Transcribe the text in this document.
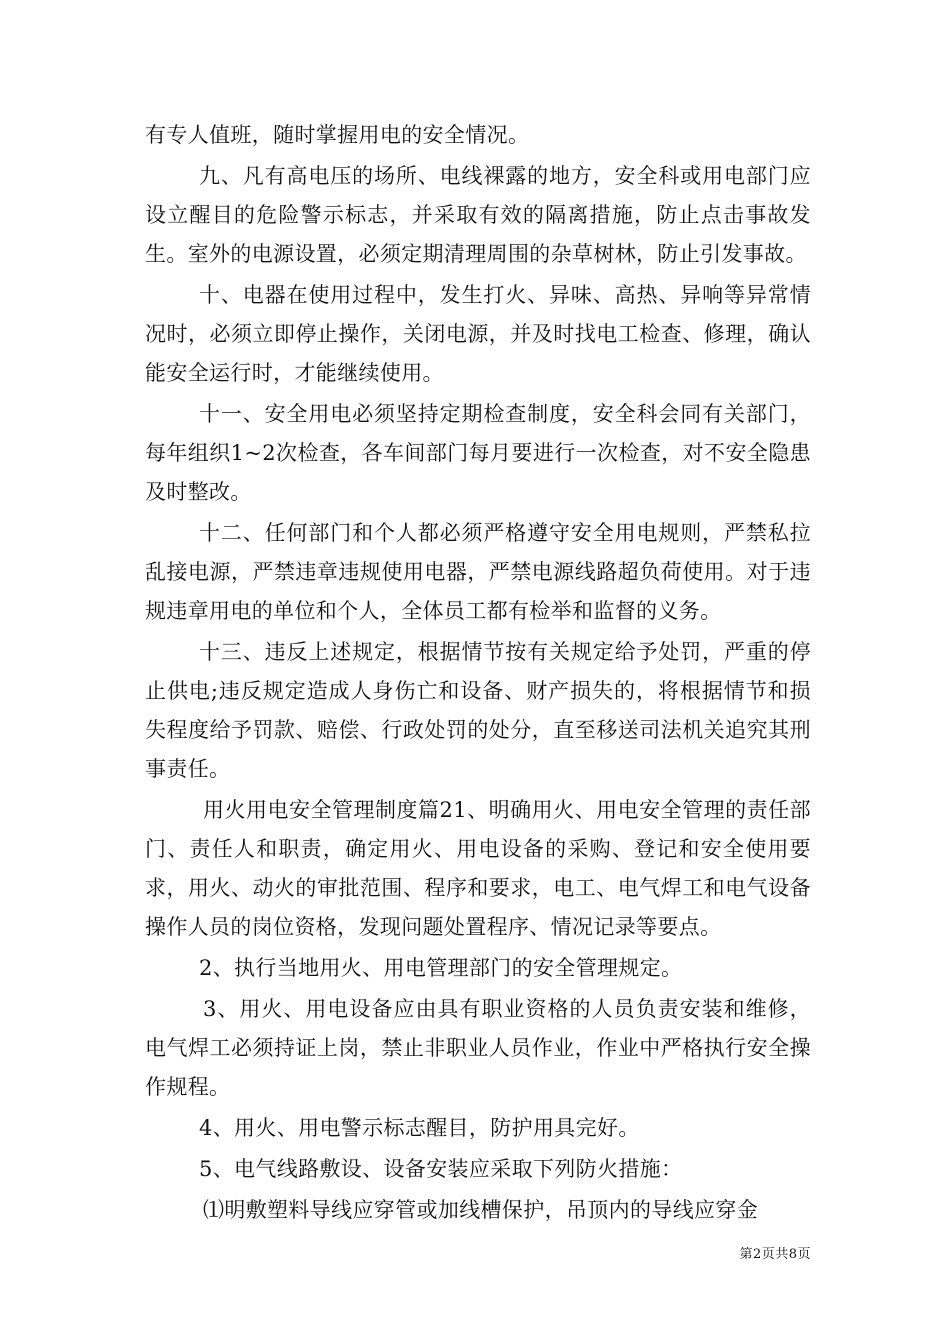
有专人值班，随时掌握用电的安全情况。

九、凡有高电压的场所、电线裸露的地方，安全科或用电部门应设立醒目的危险警示标志，并采取有效的隔离措施，防止点击事故发生。室外的电源设置，必须定期清理周围的杂草树林，防止引发事故。

十、电器在使用过程中，发生打火、异味、高热、异响等异常情况时，必须立即停止操作，关闭电源，并及时找电工检查、修理，确认能安全运行时，才能继续使用。

十一、安全用电必须坚持定期检查制度，安全科会同有关部门，每年组织1~2次检查，各车间部门每月要进行一次检查，对不安全隐患及时整改。

十二、任何部门和个人都必须严格遵守安全用电规则，严禁私拉乱接电源，严禁违章违规使用电器，严禁电源线路超负荷使用。对于违规违章用电的单位和个人，全体员工都有检举和监督的义务。

十三、违反上述规定，根据情节按有关规定给予处罚，严重的停止供电;违反规定造成人身伤亡和设备、财产损失的，将根据情节和损失程度给予罚款、赔偿、行政处罚的处分，直至移送司法机关追究其刑事责任。

用火用电安全管理制度篇21、明确用火、用电安全管理的责任部门、责任人和职责，确定用火、用电设备的采购、登记和安全使用要求，用火、动火的审批范围、程序和要求，电工、电气焊工和电气设备操作人员的岗位资格，发现问题处置程序、情况记录等要点。

2、执行当地用火、用电管理部门的安全管理规定。

3、用火、用电设备应由具有职业资格的人员负责安装和维修，电气焊工必须持证上岗，禁止非职业人员作业，作业中严格执行安全操作规程。

4、用火、用电警示标志醒目，防护用具完好。

5、电气线路敷设、设备安装应采取下列防火措施：

⑴明敷塑料导线应穿管或加线槽保护，吊顶内的导线应穿金

第2页共8页
